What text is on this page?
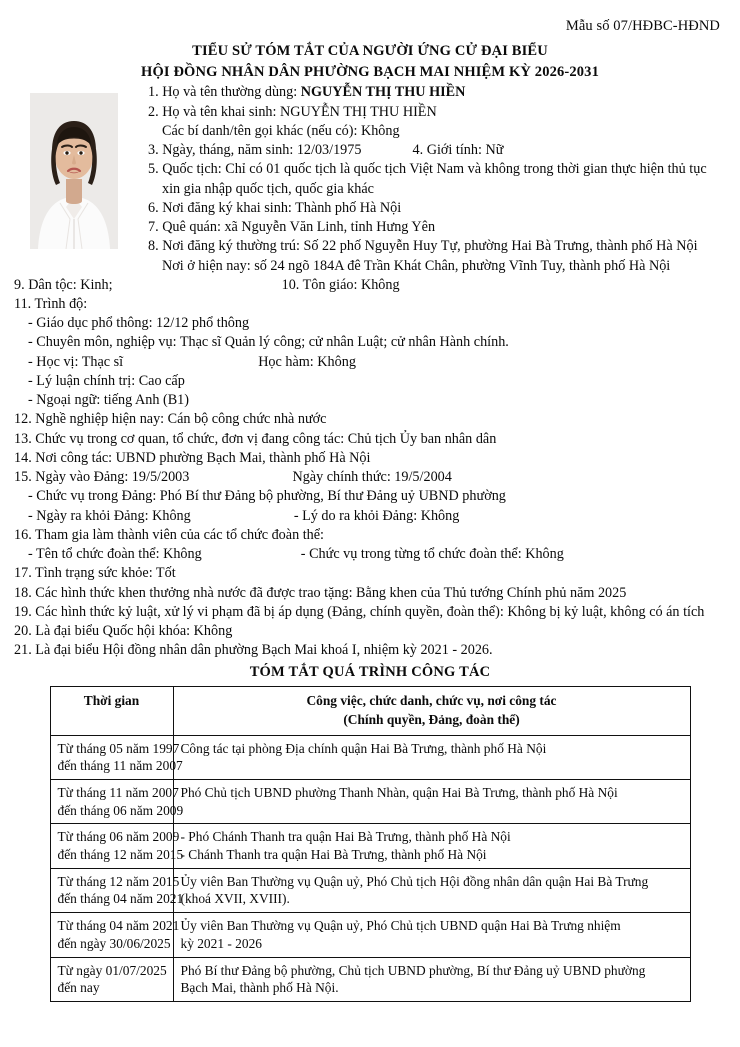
Mẫu số 07/HĐBC-HĐND
TIỂU SỬ TÓM TẮT CỦA NGƯỜI ỨNG CỬ ĐẠI BIỂU
HỘI ĐỒNG NHÂN DÂN PHƯỜNG BẠCH MAI NHIỆM KỲ 2026-2031
1. Họ và tên thường dùng: NGUYỄN THỊ THU HIỀN
2. Họ và tên khai sinh: NGUYỄN THỊ THU HIỀN
Các bí danh/tên gọi khác (nếu có): Không
3. Ngày, tháng, năm sinh: 12/03/1975	4. Giới tính: Nữ
5. Quốc tịch: Chỉ có 01 quốc tịch là quốc tịch Việt Nam và không trong thời gian thực hiện thủ tục
xin gia nhập quốc tịch, quốc gia khác
6. Nơi đăng ký khai sinh: Thành phố Hà Nội
7. Quê quán: xã Nguyễn Văn Linh, tỉnh Hưng Yên
8. Nơi đăng ký thường trú: Số 22 phố Nguyễn Huy Tự, phường Hai Bà Trưng, thành phố Hà Nội
Nơi ở hiện nay: số 24 ngõ 184A đê Trần Khát Chân, phường Vĩnh Tuy, thành phố Hà Nội
9. Dân tộc: Kinh;	10. Tôn giáo: Không
11. Trình độ:
- Giáo dục phổ thông: 12/12 phổ thông
- Chuyên môn, nghiệp vụ: Thạc sĩ Quản lý công; cử nhân Luật; cử nhân Hành chính.
- Học vị: Thạc sĩ	Học hàm: Không
- Lý luận chính trị: Cao cấp
- Ngoại ngữ: tiếng Anh (B1)
12. Nghề nghiệp hiện nay: Cán bộ công chức nhà nước
13. Chức vụ trong cơ quan, tổ chức, đơn vị đang công tác: Chủ tịch Ủy ban nhân dân
14. Nơi công tác: UBND phường Bạch Mai, thành phố Hà Nội
15. Ngày vào Đảng: 19/5/2003	Ngày chính thức: 19/5/2004
- Chức vụ trong Đảng: Phó Bí thư Đảng bộ phường, Bí thư Đảng uỷ UBND phường
- Ngày ra khỏi Đảng: Không	- Lý do ra khỏi Đảng: Không
16. Tham gia làm thành viên của các tổ chức đoàn thể:
- Tên tổ chức đoàn thể: Không	- Chức vụ trong từng tổ chức đoàn thể: Không
17. Tình trạng sức khỏe: Tốt
18. Các hình thức khen thưởng nhà nước đã được trao tặng: Bằng khen của Thủ tướng Chính phủ năm 2025
19. Các hình thức kỷ luật, xử lý vi phạm đã bị áp dụng (Đảng, chính quyền, đoàn thể): Không bị kỷ luật, không có án tích
20. Là đại biểu Quốc hội khóa: Không
21. Là đại biểu Hội đồng nhân dân phường Bạch Mai khoá I, nhiệm kỳ 2021 - 2026.
TÓM TẮT QUÁ TRÌNH CÔNG TÁC
Thời gian	Công việc, chức danh, chức vụ, nơi công tác
(Chính quyền, Đảng, đoàn thể)

Từ tháng 05 năm 1997
đến tháng 11 năm 2007	Công tác tại phòng Địa chính quận Hai Bà Trưng, thành phố Hà Nội

Từ tháng 11 năm 2007
đến tháng 06 năm 2009	Phó Chủ tịch UBND phường Thanh Nhàn, quận Hai Bà Trưng, thành phố Hà Nội

Từ tháng 06 năm 2009
đến tháng 12 năm 2015	- Phó Chánh Thanh tra quận Hai Bà Trưng, thành phố Hà Nội
- Chánh Thanh tra quận Hai Bà Trưng, thành phố Hà Nội

Từ tháng 12 năm 2015
đến tháng 04 năm 2021	Ủy viên Ban Thường vụ Quận uỷ, Phó Chủ tịch Hội đồng nhân dân quận Hai Bà Trưng
(khoá XVII, XVIII).

Từ tháng 04 năm 2021
đến ngày 30/06/2025	Ủy viên Ban Thường vụ Quận uỷ, Phó Chủ tịch UBND quận Hai Bà Trưng nhiệm
kỳ 2021 - 2026

Từ ngày 01/07/2025
đến nay	Phó Bí thư Đảng bộ phường, Chủ tịch UBND phường, Bí thư Đảng uỷ UBND phường
Bạch Mai, thành phố Hà Nội.
